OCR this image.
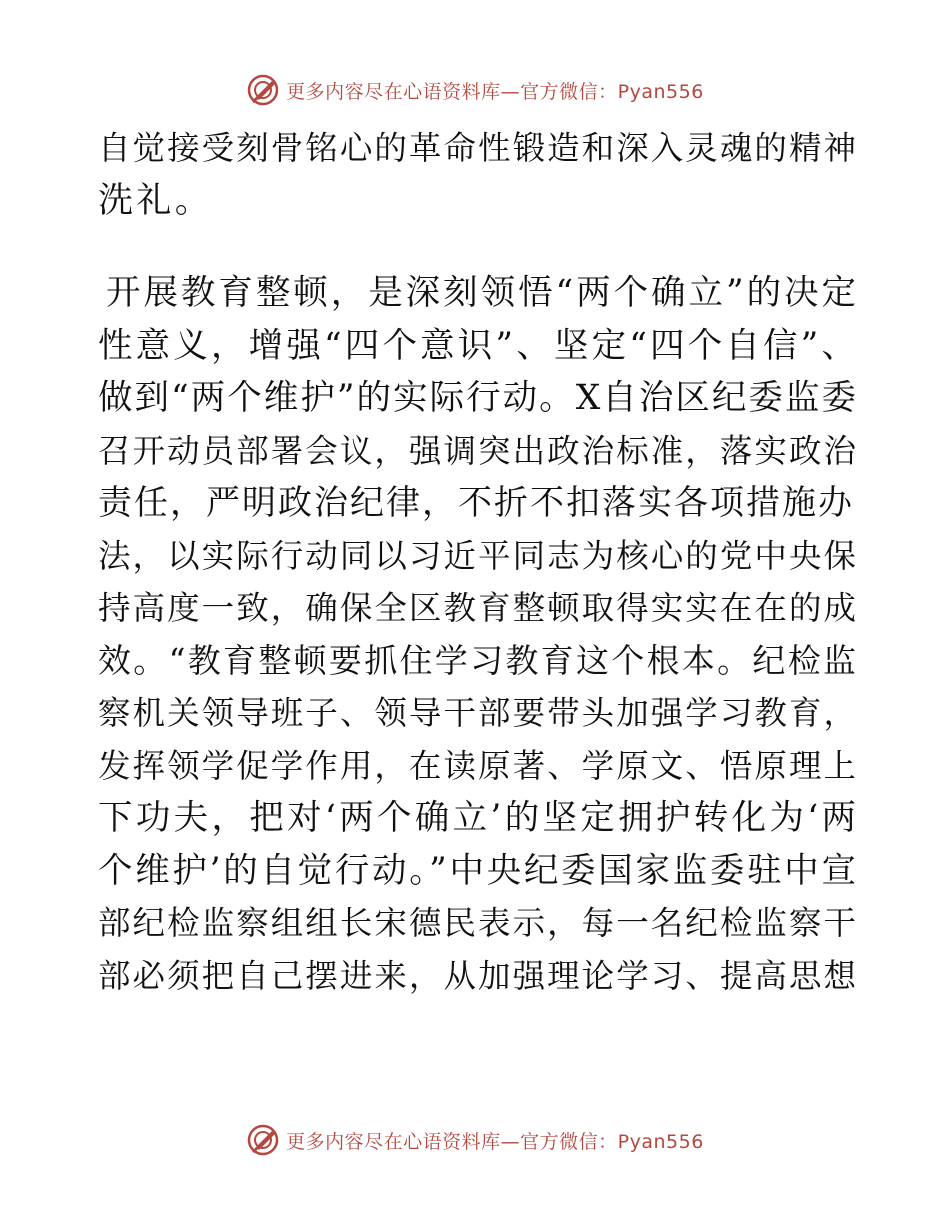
更多内容尽在心语资料库—官方微信：Pyan556
自觉接受刻骨铭心的革命性锻造和深入灵魂的精神
洗礼。
开展教育整顿，是深刻领悟“两个确立”的决定
性意义，增强“四个意识”、坚定“四个自信”、
做到“两个维护”的实际行动。X自治区纪委监委
召开动员部署会议，强调突出政治标准，落实政治
责任，严明政治纪律，不折不扣落实各项措施办
法，以实际行动同以习近平同志为核心的党中央保
持高度一致，确保全区教育整顿取得实实在在的成
效。“教育整顿要抓住学习教育这个根本。纪检监
察机关领导班子、领导干部要带头加强学习教育，
发挥领学促学作用，在读原著、学原文、悟原理上
下功夫，把对‘两个确立’的坚定拥护转化为‘两
个维护’的自觉行动。”中央纪委国家监委驻中宣
部纪检监察组组长宋德民表示，每一名纪检监察干
部必须把自己摆进来，从加强理论学习、提高思想
更多内容尽在心语资料库—官方微信：Pyan556
